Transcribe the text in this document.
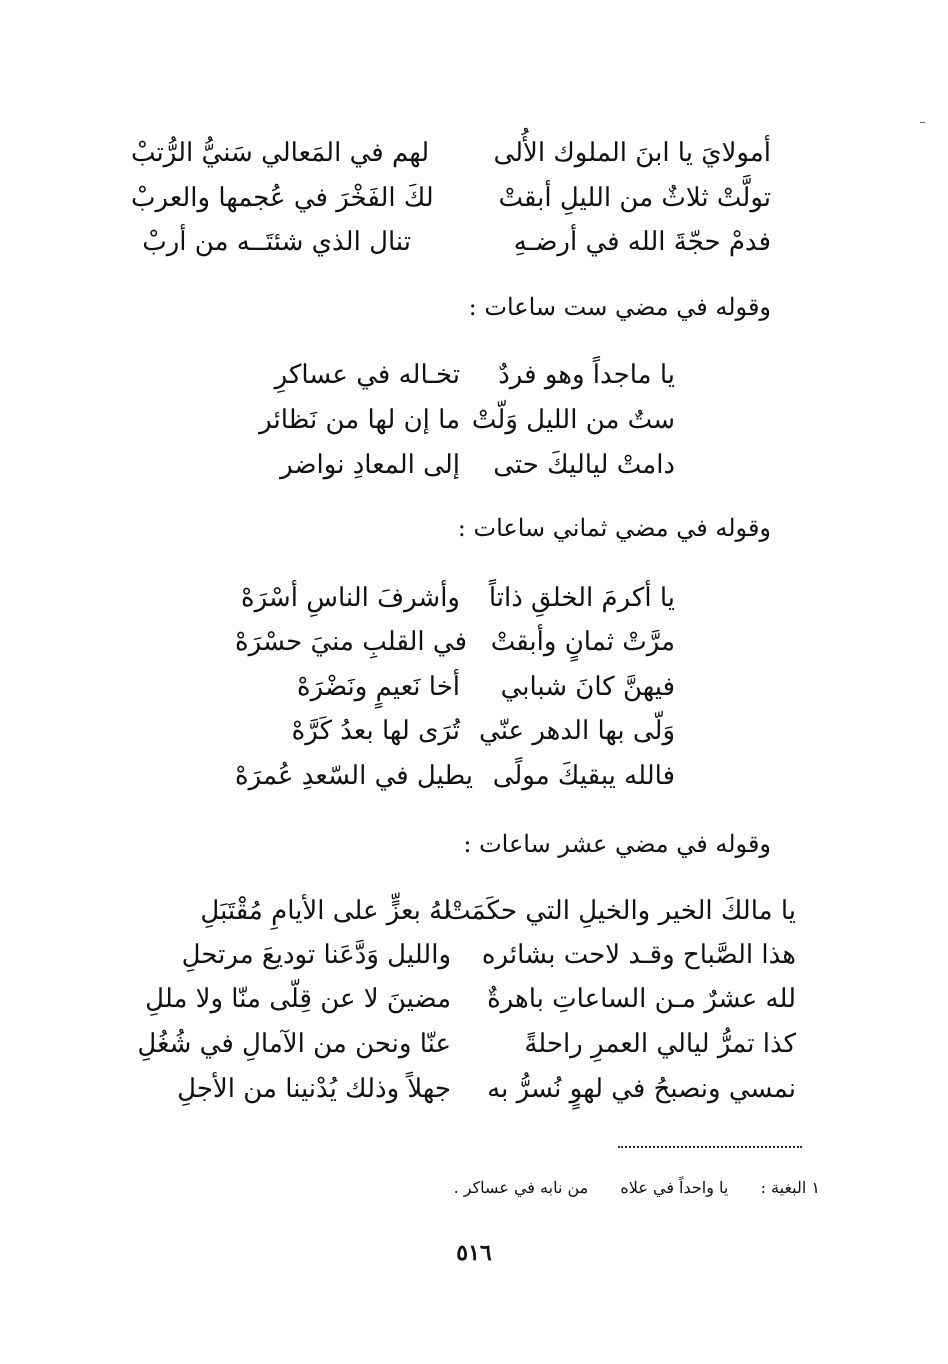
أمولايَ يا ابنَ الملوك الأُلى
لهم في المَعالي سَنيُّ الرُّتبْ
تولَّتْ ثلاثٌ من الليلِ أبقتْ
لكَ الفَخْرَ في عُجمها والعربْ
فدمْ حجّةَ الله في أرضـهِ
تنال الذي شئتَــه من أربْ
وقوله في مضي ست ساعات :
يا ماجداً وهو فردٌ
تخـاله في عساكرِ
ستٌ من الليل وَلّتْ
ما إن لها من نَظائر
دامتْ لياليكَ حتى
إلى المعادِ نواضر
وقوله في مضي ثماني ساعات :
يا أكرمَ الخلقِ ذاتاً
وأشرفَ الناسِ أسْرَهْ
مرَّتْ ثمانٍ وأبقتْ
في القلبِ منيَ حسْرَهْ
فيهنَّ كانَ شبابي
أخا نَعيمٍ ونَضْرَهْ
وَلّى بها الدهر عنّي
تُرَى لها بعدُ كَرَّهْ
فالله يبقيكَ مولًى
يطيل في السّعدِ عُمرَهْ
وقوله في مضي عشر ساعات :
يا مالكَ الخير والخيلِ التي حكَمَتْ
لهُ بعزٍّ على الأيامِ مُقْتَبَلِ
هذا الصَّباح وقـد لاحت بشائره
والليل وَدَّعَنا توديعَ مرتحلِ
لله عشرٌ مـن الساعاتِ باهرةٌ
مضينَ لا عن قِلّى منّا ولا مللِ
كذا تمرُّ ليالي العمرِ راحلةً
عنّا ونحن من الآمالِ في شُغُلِ
نمسي ونصبحُ في لهوٍ نُسرُّ به
جهلاً وذلك يُدْنينا من الأجلِ
١ البغية :  يا واحداً في علاه  من نابه في عساكر .
٥١٦
